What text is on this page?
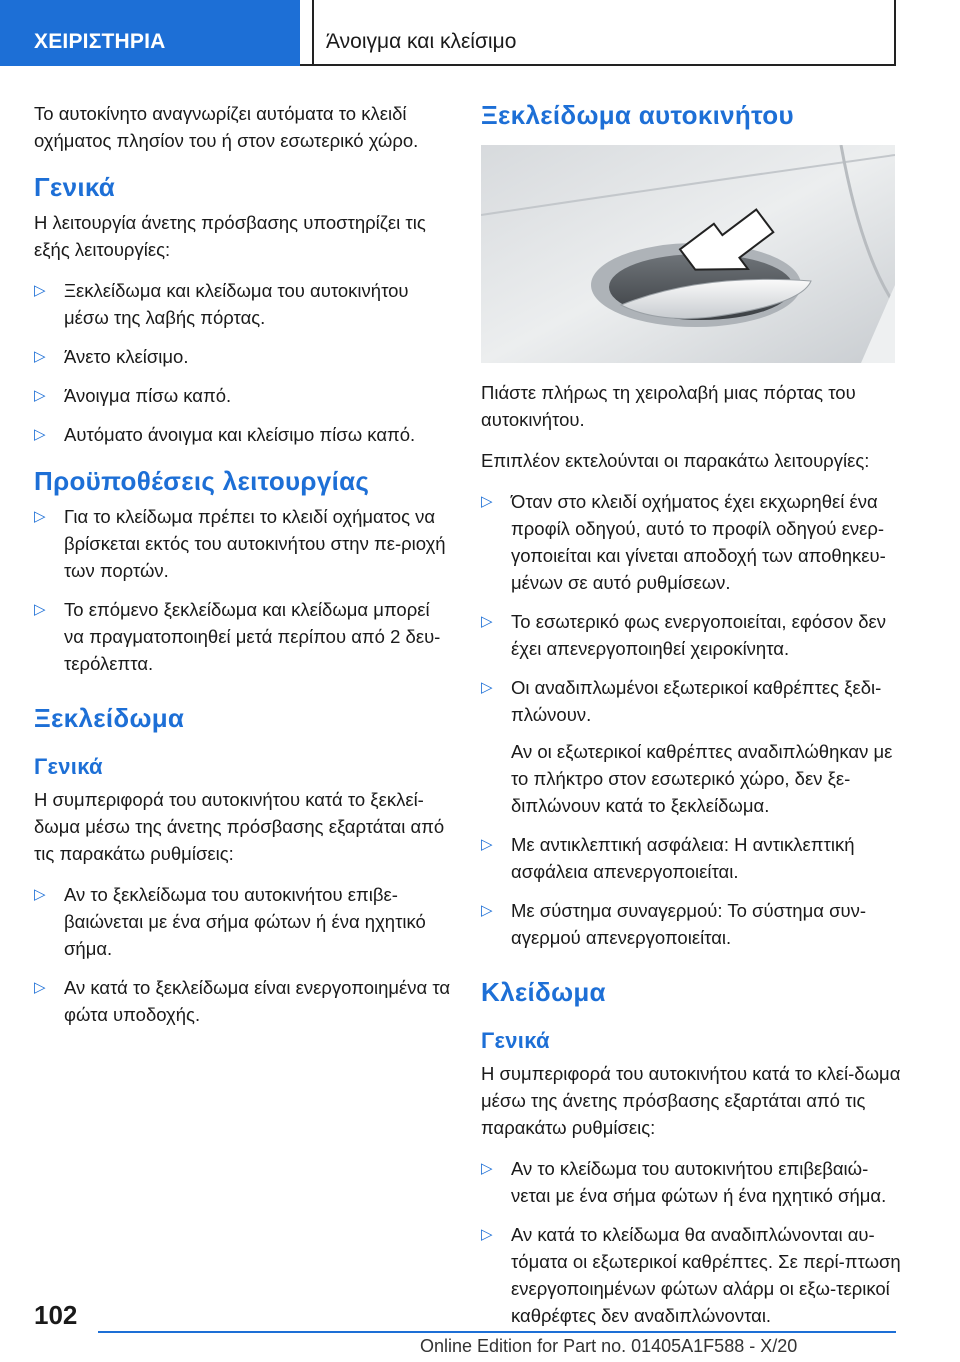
ΧΕΙΡΙΣΤΗΡΙΑ	Άνοιγμα και κλείσιμο

Το αυτοκίνητο αναγνωρίζει αυτόματα το κλειδί οχήματος πλησίον του ή στον εσωτερικό χώρο.

Γενικά

Η λειτουργία άνετης πρόσβασης υποστηρίζει τις εξής λειτουργίες:

▷ Ξεκλείδωμα και κλείδωμα του αυτοκινήτου μέσω της λαβής πόρτας.
▷ Άνετο κλείσιμο.
▷ Άνοιγμα πίσω καπό.
▷ Αυτόματο άνοιγμα και κλείσιμο πίσω καπό.
Προϋποθέσεις λειτουργίας
▷ Για το κλείδωμα πρέπει το κλειδί οχήματος να βρίσκεται εκτός του αυτοκινήτου στην πε-ριοχή των πορτών.
▷ Το επόμενο ξεκλείδωμα και κλείδωμα μπορεί να πραγματοποιηθεί μετά περίπου από 2 δευ-τερόλεπτα.
Ξεκλείδωμα
Γενικά

Η συμπεριφορά του αυτοκινήτου κατά το ξεκλεί-δωμα μέσω της άνετης πρόσβασης εξαρτάται από τις παρακάτω ρυθμίσεις:

▷ Αν το ξεκλείδωμα του αυτοκινήτου επιβε-βαιώνεται με ένα σήμα φώτων ή ένα ηχητικό σήμα.
▷ Αν κατά το ξεκλείδωμα είναι ενεργοποιημένα τα φώτα υποδοχής.
Ξεκλείδωμα αυτοκινήτου

Πιάστε πλήρως τη χειρολαβή μιας πόρτας του αυτοκινήτου.

Επιπλέον εκτελούνται οι παρακάτω λειτουργίες:

▷ Όταν στο κλειδί οχήματος έχει εκχωρηθεί ένα προφίλ οδηγού, αυτό το προφίλ οδηγού ενερ-γοποιείται και γίνεται αποδοχή των αποθηκευ-μένων σε αυτό ρυθμίσεων.
▷ Το εσωτερικό φως ενεργοποιείται, εφόσον δεν έχει απενεργοποιηθεί χειροκίνητα.
▷ Οι αναδιπλωμένοι εξωτερικοί καθρέπτες ξεδι-πλώνουν.
Αν οι εξωτερικοί καθρέπτες αναδιπλώθηκαν με το πλήκτρο στον εσωτερικό χώρο, δεν ξε-διπλώνουν κατά το ξεκλείδωμα.
▷ Με αντικλεπτική ασφάλεια: Η αντικλεπτική ασφάλεια απενεργοποιείται.
▷ Με σύστημα συναγερμού: Το σύστημα συν-αγερμού απενεργοποιείται.
Κλείδωμα
Γενικά

Η συμπεριφορά του αυτοκινήτου κατά το κλεί-δωμα μέσω της άνετης πρόσβασης εξαρτάται από τις παρακάτω ρυθμίσεις:

▷ Αν το κλείδωμα του αυτοκινήτου επιβεβαιώ-νεται με ένα σήμα φώτων ή ένα ηχητικό σήμα.
▷ Αν κατά το κλείδωμα θα αναδιπλώνονται αυ-τόματα οι εξωτερικοί καθρέπτες. Σε περί-πτωση ενεργοποιημένων φώτων αλάρμ οι εξω-τερικοί καθρέφτες δεν αναδιπλώνονται.
102
Online Edition for Part no. 01405A1F588 - X/20
